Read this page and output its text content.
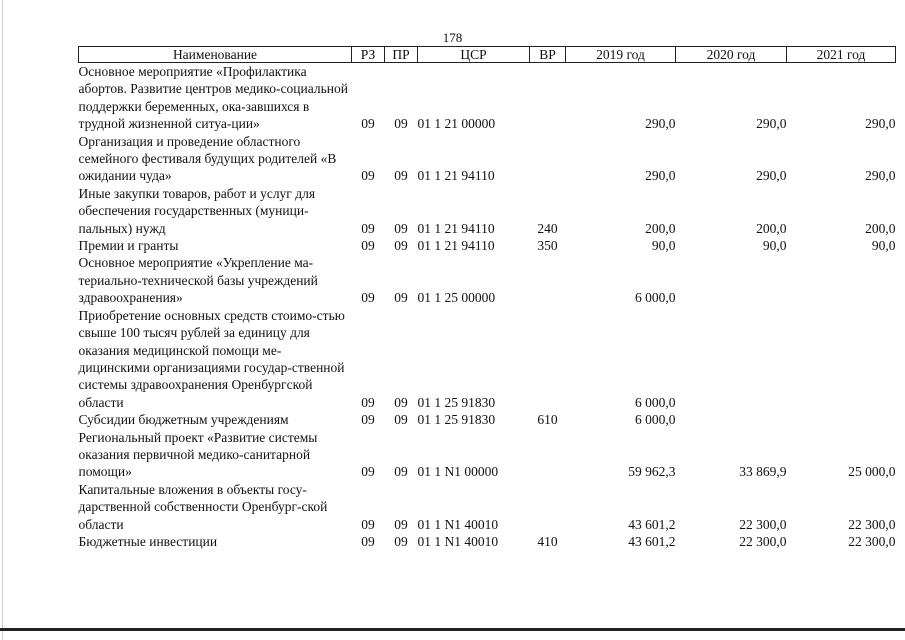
178
Наименование	РЗ	ПР	ЦСР	ВР	2019 год	2020 год	2021 год
Основное мероприятие «Профилактика абортов. Развитие центров медико-социальной поддержки беременных, ока-завшихся в трудной жизненной ситуа-ции»	09	09	01 1 21 00000		290,0	290,0	290,0
Организация и проведение областного семейного фестиваля будущих родителей «В ожидании чуда»	09	09	01 1 21 94110		290,0	290,0	290,0
Иные закупки товаров, работ и услуг для обеспечения государственных (муници-пальных) нужд	09	09	01 1 21 94110	240	200,0	200,0	200,0
Премии и гранты	09	09	01 1 21 94110	350	90,0	90,0	90,0
Основное мероприятие «Укрепление ма-териально-технической базы учреждений здравоохранения»	09	09	01 1 25 00000		6 000,0		
Приобретение основных средств стоимо-стью свыше 100 тысяч рублей за единицу для оказания медицинской помощи ме-дицинскими организациями государ-ственной системы здравоохранения Оренбургской области	09	09	01 1 25 91830		6 000,0		
Субсидии бюджетным учреждениям	09	09	01 1 25 91830	610	6 000,0		
Региональный проект «Развитие системы оказания первичной медико-санитарной помощи»	09	09	01 1 N1 00000		59 962,3	33 869,9	25 000,0
Капитальные вложения в объекты госу-дарственной собственности Оренбург-ской области	09	09	01 1 N1 40010		43 601,2	22 300,0	22 300,0
Бюджетные инвестиции	09	09	01 1 N1 40010	410	43 601,2	22 300,0	22 300,0
